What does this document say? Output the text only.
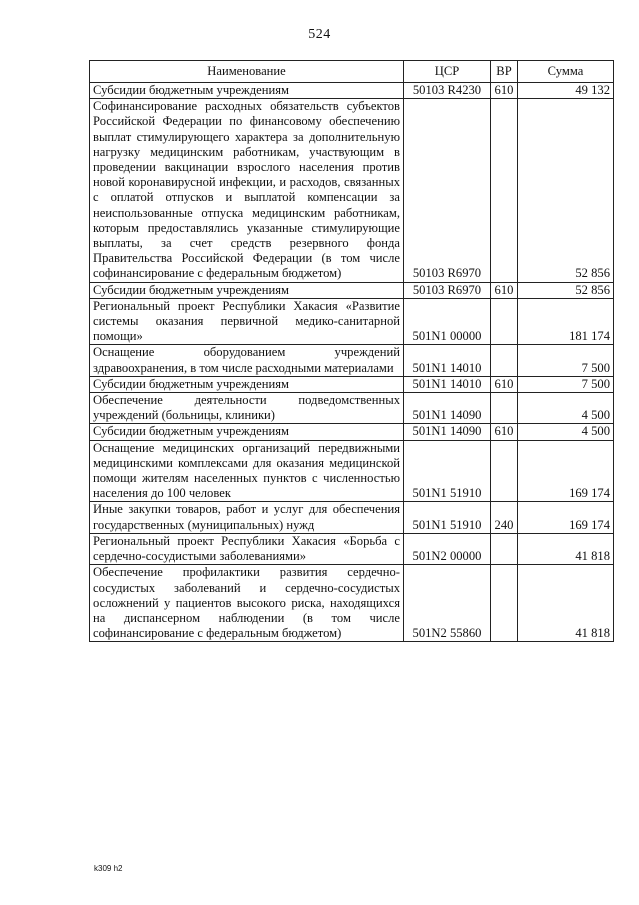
524
Наименование	ЦСР	ВР	Сумма
Субсидии бюджетным учреждениям	50103 R4230	610	49 132
Софинансирование расходных обязательств субъектов Российской Федерации по финансовому обеспечению выплат стимулирующего характера за дополнительную нагрузку медицинским работникам, участвующим в проведении вакцинации взрослого населения против новой коронавирусной инфекции, и расходов, связанных с оплатой отпусков и выплатой компенсации за неиспользованные отпуска медицинским работникам, которым предоставлялись указанные стимулирующие выплаты, за счет средств резервного фонда Правительства Российской Федерации (в том числе софинансирование с федеральным бюджетом)	50103 R6970		52 856
Субсидии бюджетным учреждениям	50103 R6970	610	52 856
Региональный проект Республики Хакасия «Развитие системы оказания первичной медико-санитарной помощи»	501N1 00000		181 174
Оснащение оборудованием учреждений здравоохранения, в том числе расходными материалами	501N1 14010		7 500
Субсидии бюджетным учреждениям	501N1 14010	610	7 500
Обеспечение деятельности подведомственных учреждений (больницы, клиники)	501N1 14090		4 500
Субсидии бюджетным учреждениям	501N1 14090	610	4 500
Оснащение медицинских организаций передвижными медицинскими комплексами для оказания медицинской помощи жителям населенных пунктов с численностью населения до 100 человек	501N1 51910		169 174
Иные закупки товаров, работ и услуг для обеспечения государственных (муниципальных) нужд	501N1 51910	240	169 174
Региональный проект Республики Хакасия «Борьба с сердечно-сосудистыми заболеваниями»	501N2 00000		41 818
Обеспечение профилактики развития сердечно-сосудистых заболеваний и сердечно-сосудистых осложнений у пациентов высокого риска, находящихся на диспансерном наблюдении (в том числе софинансирование с федеральным бюджетом)	501N2 55860		41 818
k309 h2
